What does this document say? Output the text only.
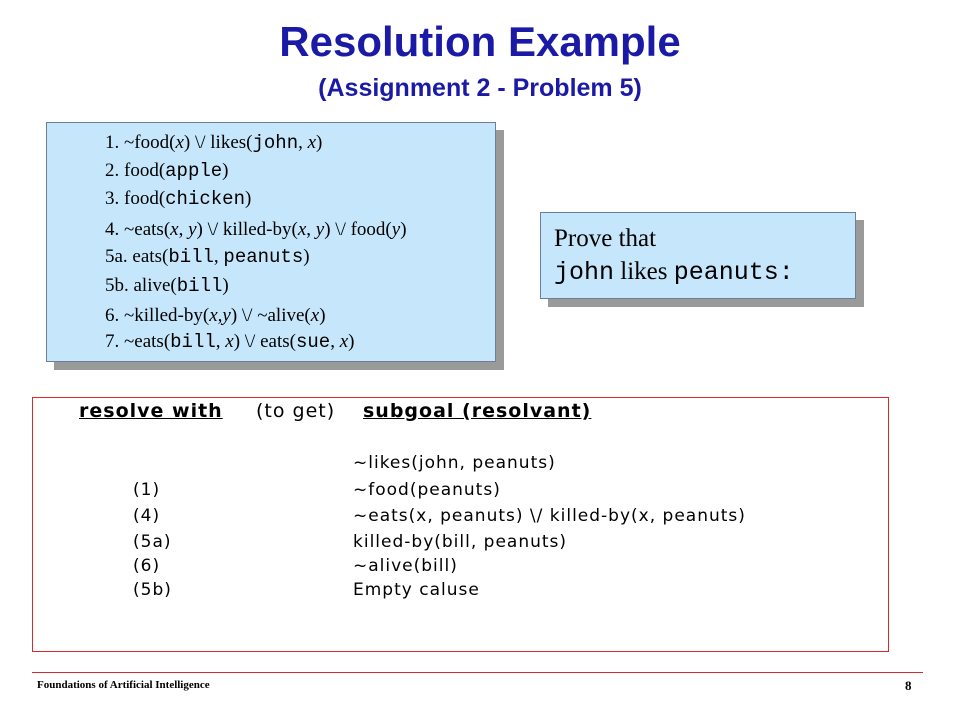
Resolution Example
(Assignment 2 - Problem 5)
1. ~food(x) \/ likes(john, x)
2. food(apple)
3. food(chicken)
4. ~eats(x, y) \/ killed-by(x, y) \/ food(y)
5a. eats(bill, peanuts)
5b. alive(bill)
6. ~killed-by(x,y) \/ ~alive(x)
7. ~eats(bill, x) \/ eats(sue, x)
Prove that
john likes peanuts:
resolve with (to get) subgoal (resolvant)
~likes(john, peanuts)
(1)	~food(peanuts)
(4)	~eats(x, peanuts) \/ killed-by(x, peanuts)
(5a)	killed-by(bill, peanuts)
(6)	~alive(bill)
(5b)	Empty caluse
Foundations of Artificial Intelligence	8
